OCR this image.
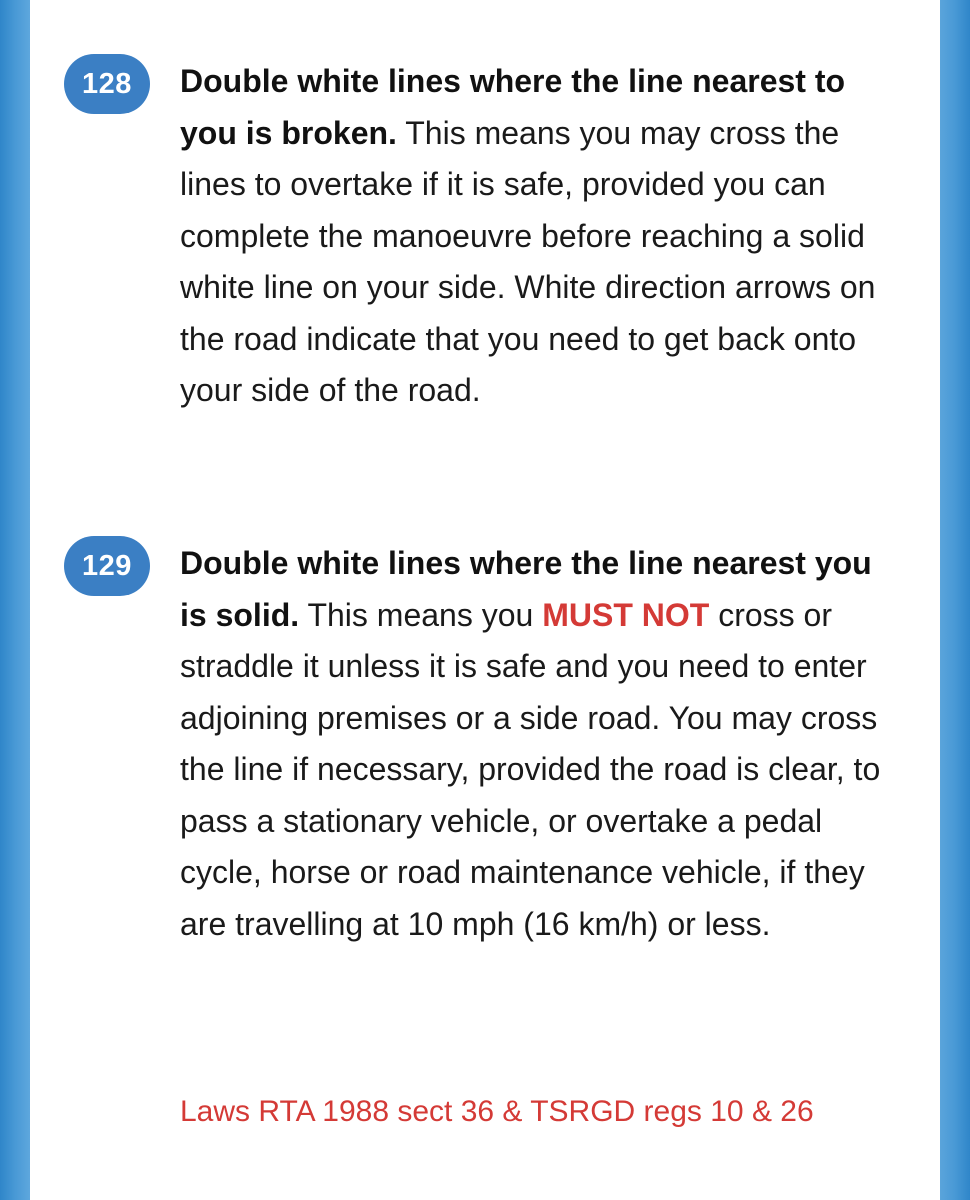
128	Double white lines where the line nearest to you is broken. This means you may cross the lines to overtake if it is safe, provided you can complete the manoeuvre before reaching a solid white line on your side. White direction arrows on the road indicate that you need to get back onto your side of the road.
129	Double white lines where the line nearest you is solid. This means you MUST NOT cross or straddle it unless it is safe and you need to enter adjoining premises or a side road. You may cross the line if necessary, provided the road is clear, to pass a stationary vehicle, or overtake a pedal cycle, horse or road maintenance vehicle, if they are travelling at 10 mph (16 km/h) or less.
Laws RTA 1988 sect 36 & TSRGD regs 10 & 26
